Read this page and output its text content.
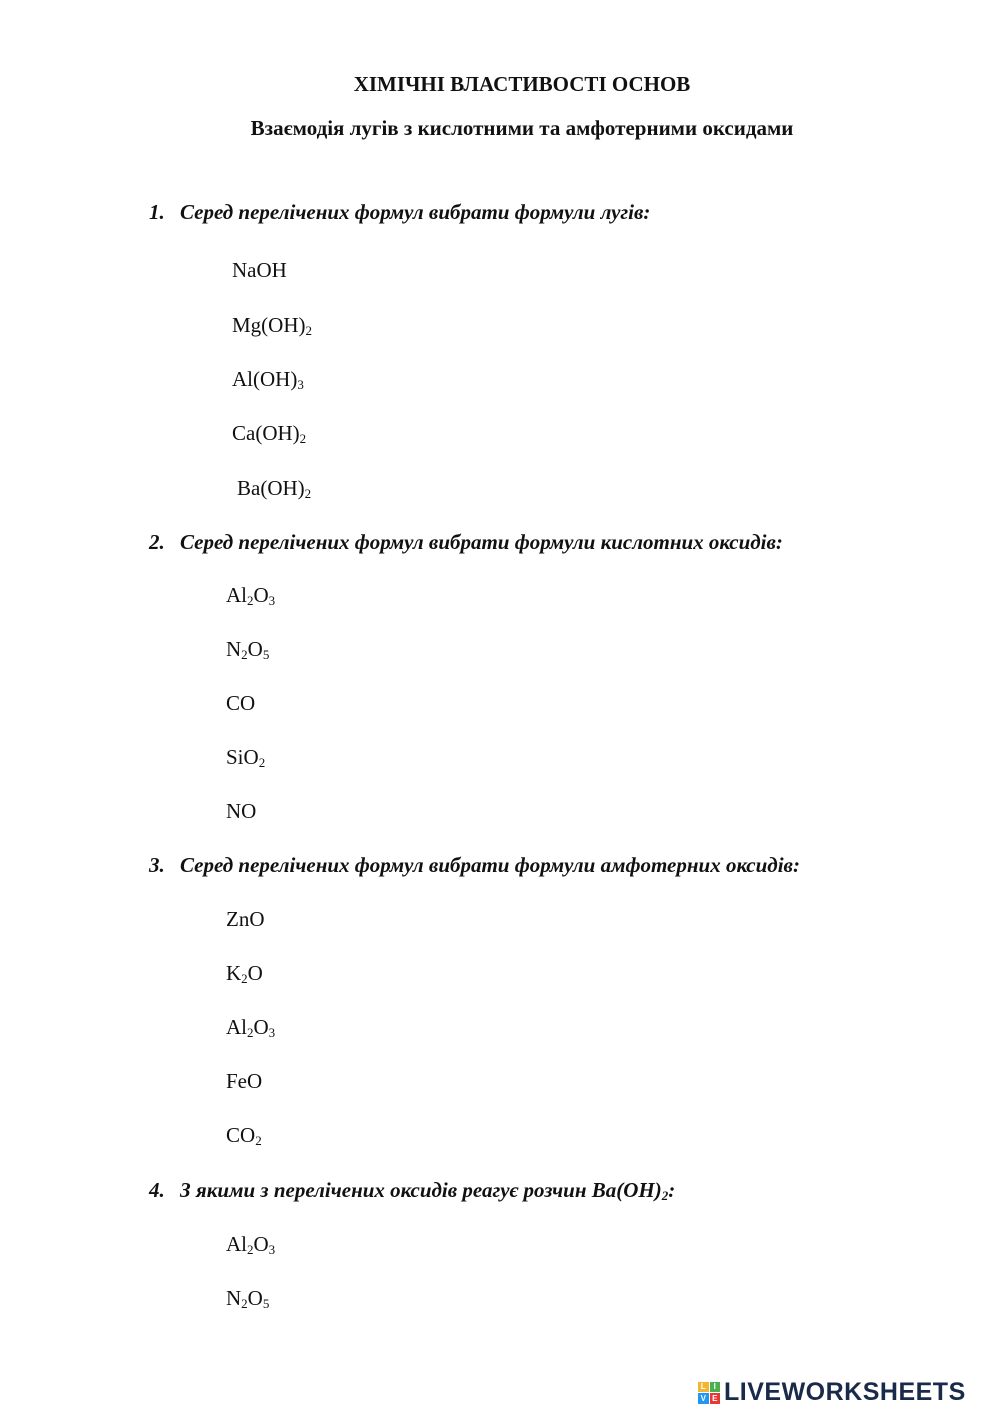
ХІМІЧНІ ВЛАСТИВОСТІ ОСНОВ
Взаємодія лугів з кислотними та амфотерними оксидами
1. Серед перелічених формул вибрати формули лугів:
NaOH
$Mg(OH)_2$
$Al(OH)_3$
$Ca(OH)_2$
$Ba(OH)_2$
2. Серед перелічених формул вибрати формули кислотних оксидів:
$Al_2O_3$
$N_2O_5$
CO
SiO$_2$
NO
3. Серед перелічених формул вибрати формули амфотерних оксидів:
ZnO
$K_2O$
$Al_2O_3$
FeO
$CO_2$
4. З якими з перелічених оксидів реагує розчин $Ba(OH)_2$:
$Al_2O_3$
$N_2O_5$
L I
V E LIVEWORKSHEETS
